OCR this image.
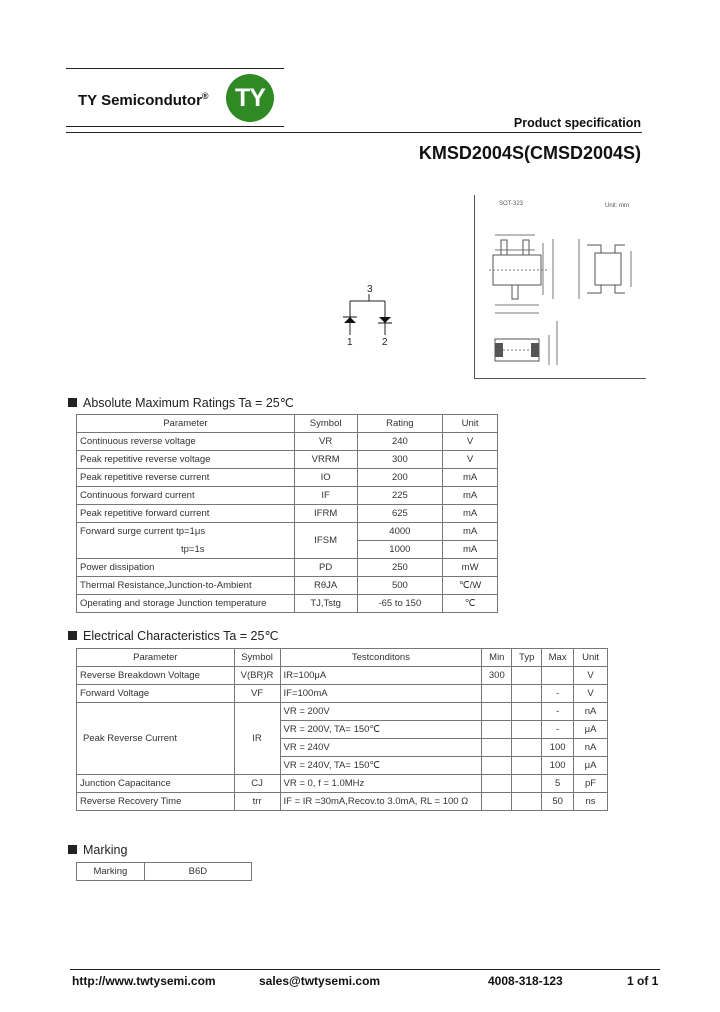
TY Semicondutor®	TY
Product specification
KMSD2004S(CMSD2004S)
3
1	2
SOT-323	Unit: mm
Absolute Maximum Ratings Ta = 25℃
Parameter	Symbol	Rating	Unit
Continuous reverse voltage	VR	240	V
Peak repetitive reverse voltage	VRRM	300	V
Peak repetitive reverse current	IO	200	mA
Continuous forward current	IF	225	mA
Peak repetitive forward current	IFRM	625	mA
Forward surge current tp=1μs	IFSM	4000	mA
tp=1s		1000	mA
Power dissipation	PD	250	mW
Thermal Resistance,Junction-to-Ambient	RθJA	500	℃/W
Operating and storage Junction temperature	TJ,Tstg	-65 to 150	℃
Electrical Characteristics Ta = 25℃
Parameter	Symbol	Testconditons	Min	Typ	Max	Unit
Reverse Breakdown Voltage	V(BR)R	IR=100μA	300			V
Forward Voltage	VF	IF=100mA			-	V
Peak Reverse Current	IR	VR = 200V			-	nA
		VR = 200V, TA= 150℃			-	μA
		VR = 240V			100	nA
		VR = 240V, TA= 150℃			100	μA
Junction Capacitance	CJ	VR = 0, f = 1.0MHz			5	pF
Reverse Recovery Time	trr	IF = IR =30mA,Recov.to 3.0mA, RL = 100 Ω			50	ns
Marking
Marking	B6D
http://www.twtysemi.com	sales@twtysemi.com	4008-318-123	1 of 1
